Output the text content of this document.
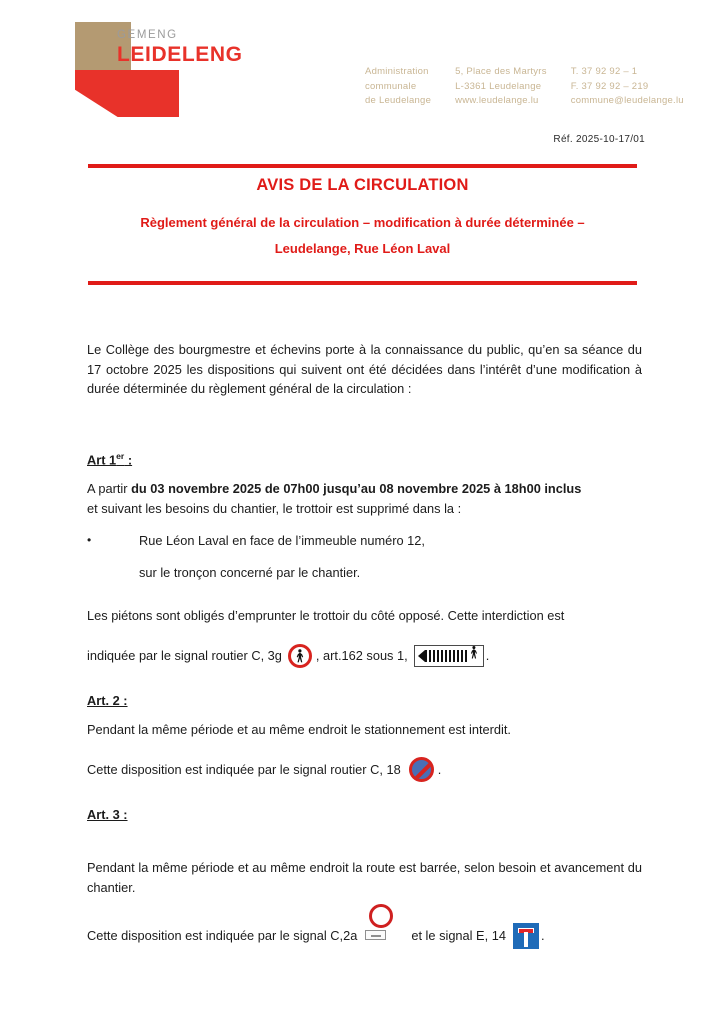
GEMENG
LEIDELENG
Administration
communale
de Leudelange
5, Place des Martyrs
L-3361 Leudelange
www.leudelange.lu
T. 37 92 92 – 1
F. 37 92 92 – 219
commune@leudelange.lu
Réf. 2025-10-17/01
AVIS DE LA CIRCULATION
Règlement général de la circulation – modification à durée déterminée –
Leudelange, Rue Léon Laval

Le Collège des bourgmestre et échevins porte à la connaissance du public, qu’en sa séance du 17 octobre 2025 les dispositions qui suivent ont été décidées dans l’intérêt d’une modification à durée déterminée du règlement général de la circulation :

Art 1er :

A partir du 03 novembre 2025 de 07h00 jusqu’au 08 novembre 2025 à 18h00 inclus
et suivant les besoins du chantier, le trottoir est supprimé dans la :

•	Rue Léon Laval en face de l’immeuble numéro 12,
sur le tronçon concerné par le chantier.

Les piétons sont obligés d’emprunter le trottoir du côté opposé. Cette interdiction est

indiquée par le signal routier C, 3g	, art.162 sous 1,	.
Art. 2 :

Pendant la même période et au même endroit le stationnement est interdit.

Cette disposition est indiquée par le signal routier C, 18	.
Art. 3 :

Pendant la même période et au même endroit la route est barrée, selon besoin et avancement du chantier.

Cette disposition est indiquée par le signal C,2a	et le signal E, 14	.
